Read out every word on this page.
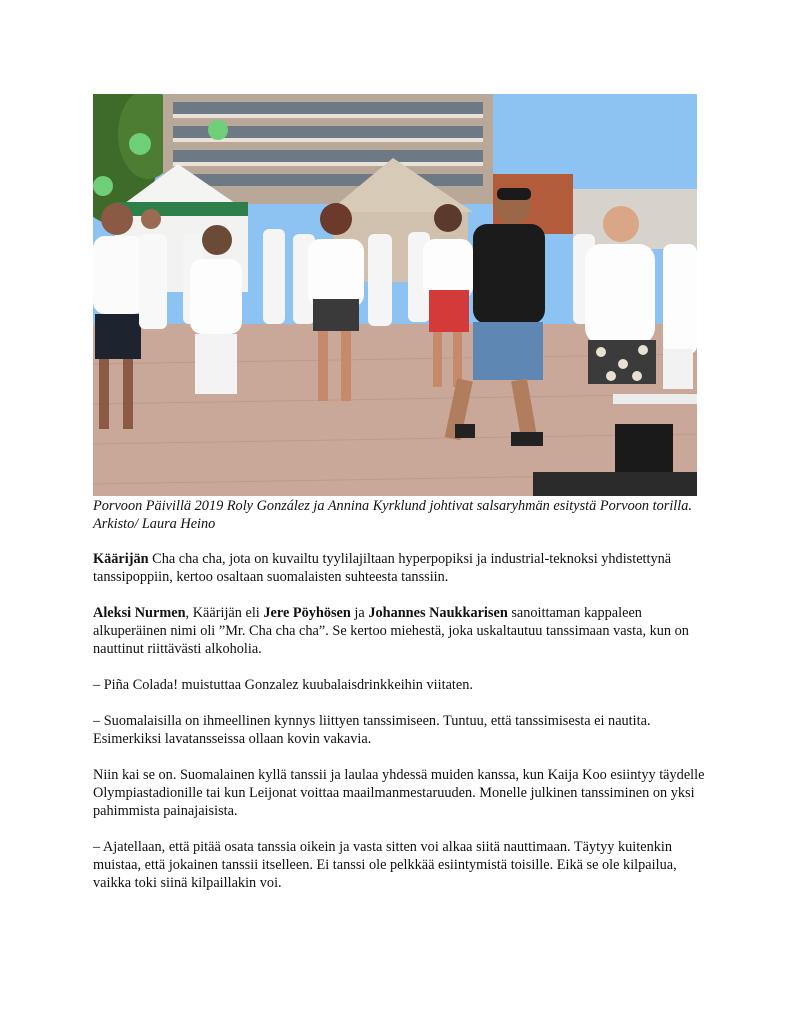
Porvoon Päivillä 2019 Roly González ja Annina Kyrklund johtivat salsaryhmän esitystä Porvoon torilla. Arkisto/ Laura Heino

Käärijän Cha cha cha, jota on kuvailtu tyylilajiltaan hyperpopiksi ja industrial-teknoksi yhdistettynä tanssipoppiin, kertoo osaltaan suomalaisten suhteesta tanssiin.

Aleksi Nurmen, Käärijän eli Jere Pöyhösen ja Johannes Naukkarisen sanoittaman kappaleen alkuperäinen nimi oli ”Mr. Cha cha cha”. Se kertoo miehestä, joka uskaltautuu tanssimaan vasta, kun on nauttinut riittävästi alkoholia.

– Piña Colada! muistuttaa Gonzalez kuubalaisdrinkkeihin viitaten.

– Suomalaisilla on ihmeellinen kynnys liittyen tanssimiseen. Tuntuu, että tanssimisesta ei nautita. Esimerkiksi lavatansseissa ollaan kovin vakavia.

Niin kai se on. Suomalainen kyllä tanssii ja laulaa yhdessä muiden kanssa, kun Kaija Koo esiintyy täydelle Olympiastadionille tai kun Leijonat voittaa maailmanmestaruuden. Monelle julkinen tanssiminen on yksi pahimmista painajaisista.

– Ajatellaan, että pitää osata tanssia oikein ja vasta sitten voi alkaa siitä nauttimaan. Täytyy kuitenkin muistaa, että jokainen tanssii itselleen. Ei tanssi ole pelkkää esiintymistä toisille. Eikä se ole kilpailua, vaikka toki siinä kilpaillakin voi.
